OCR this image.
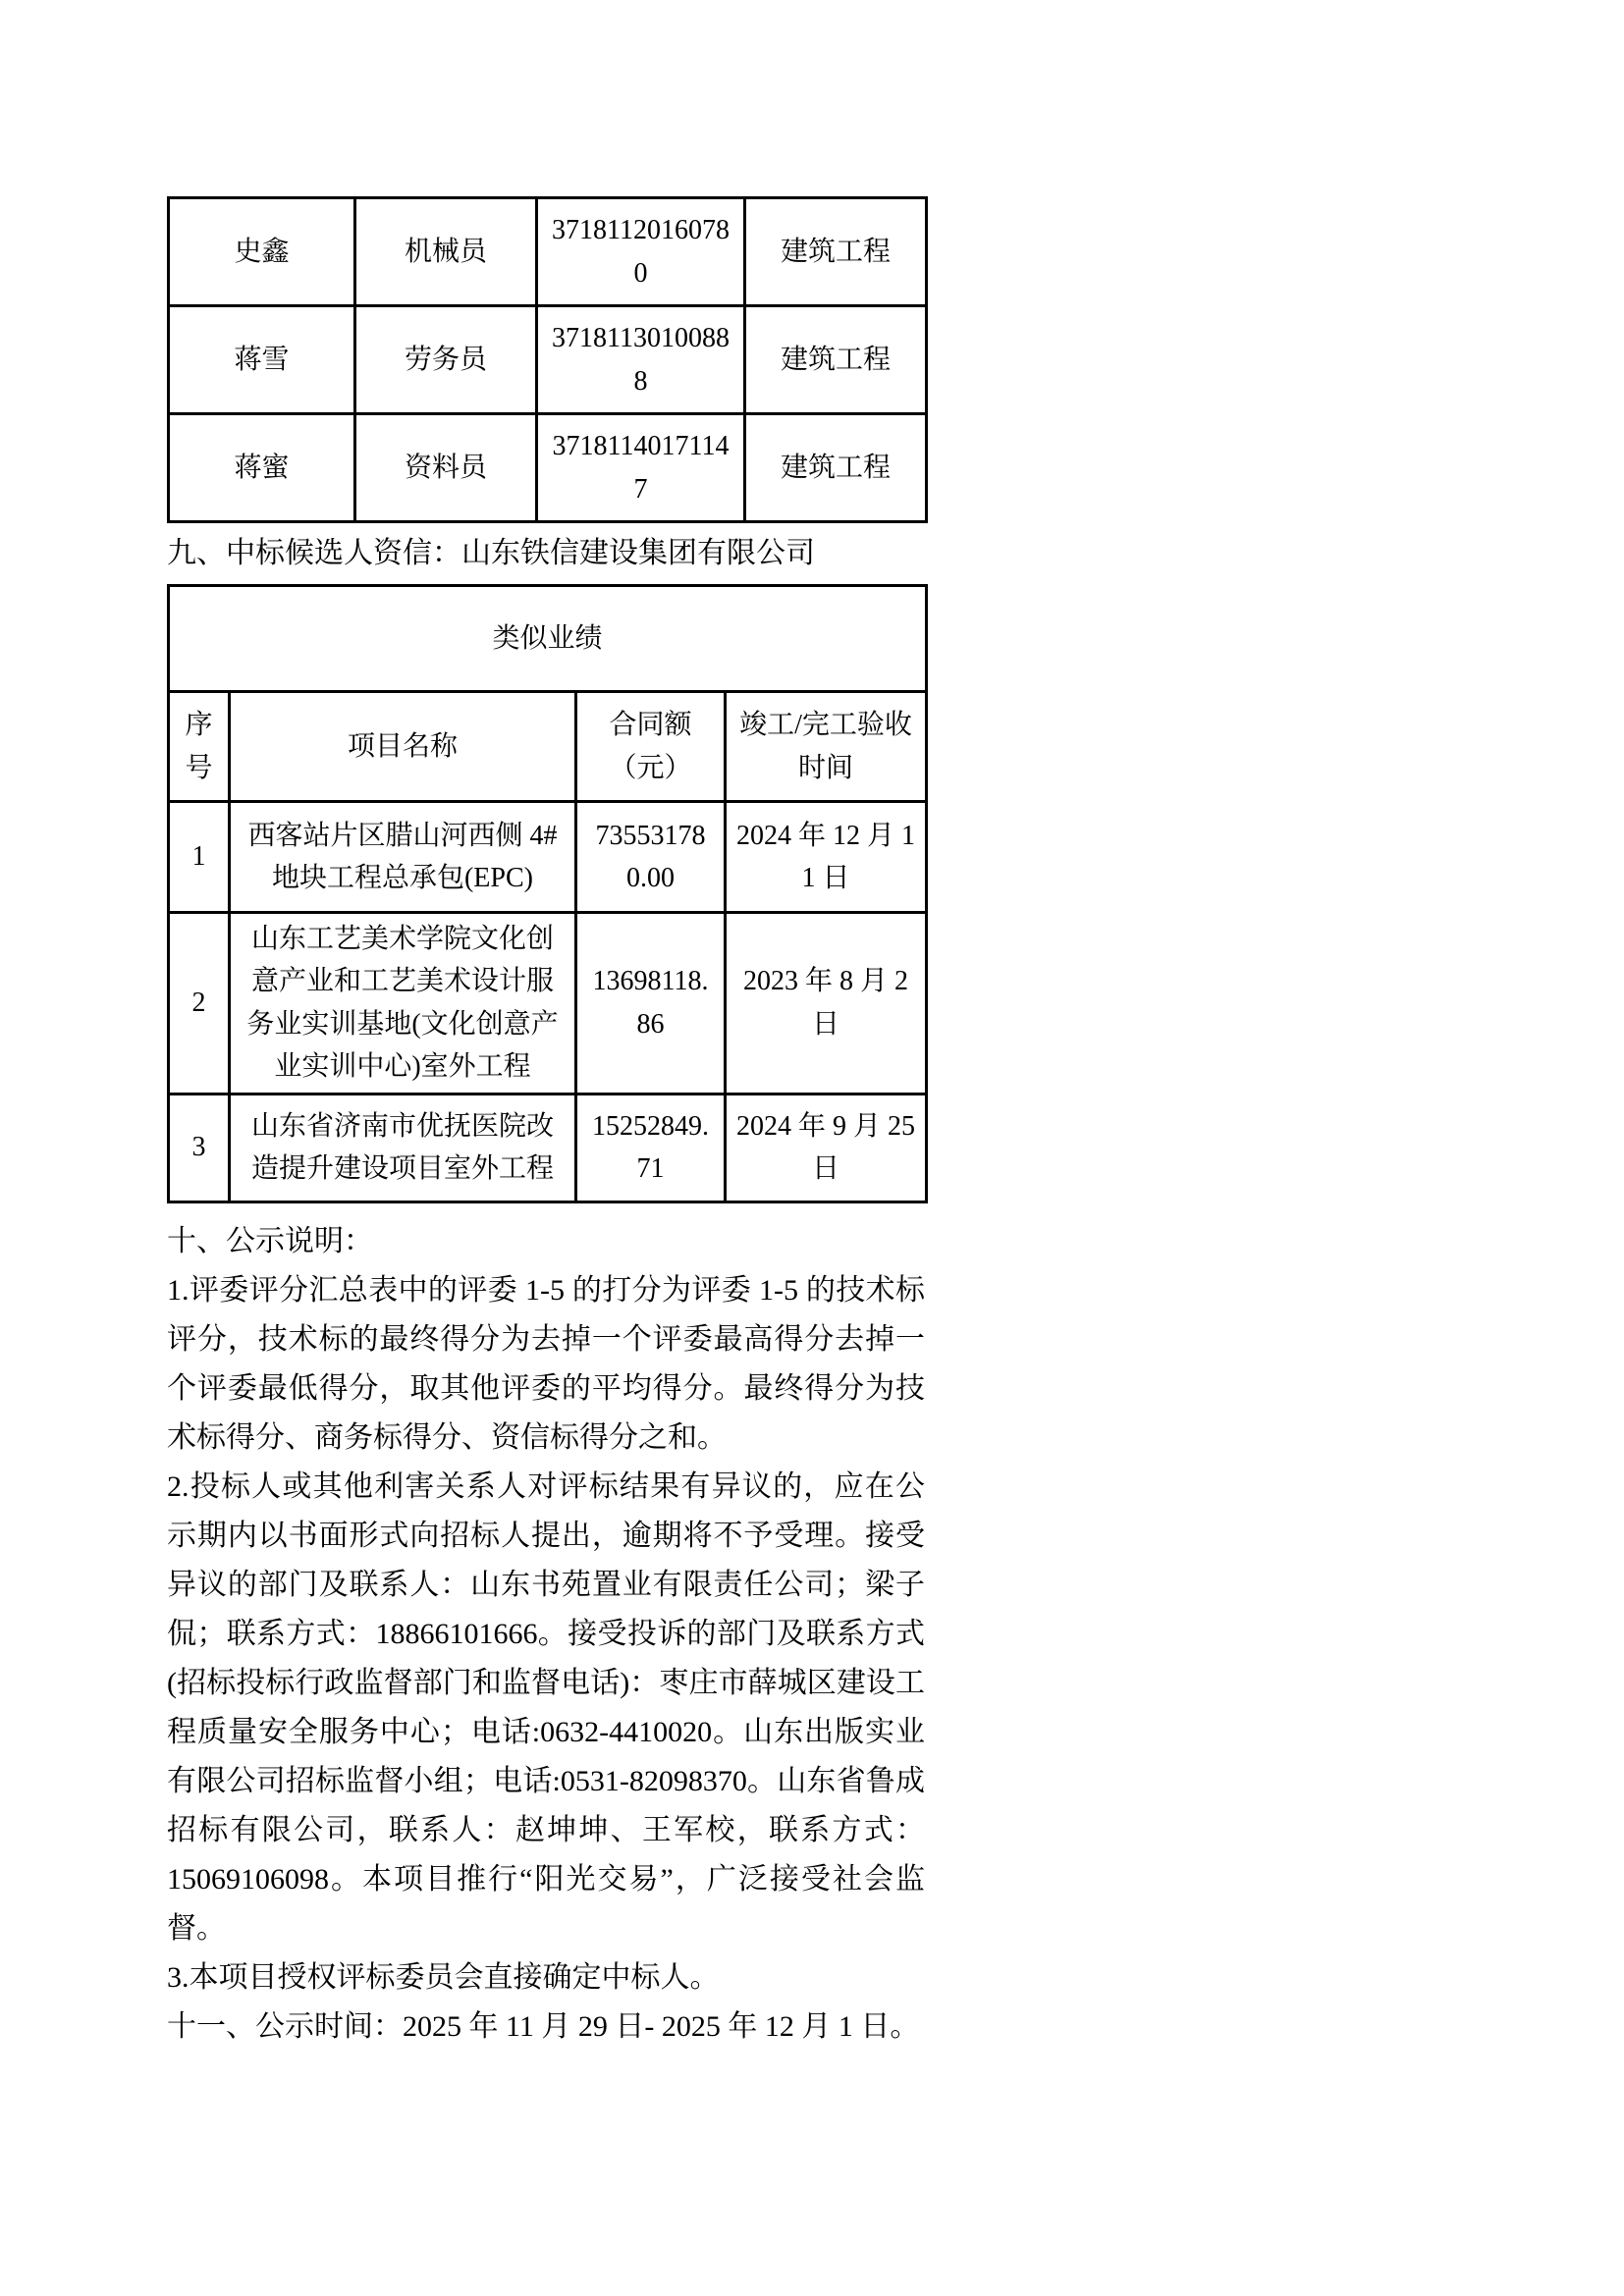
史鑫	机械员	37181120160780	建筑工程
蒋雪	劳务员	37181130100888	建筑工程
蒋蜜	资料员	37181140171147	建筑工程
九、中标候选人资信：山东铁信建设集团有限公司
类似业绩			
序号	项目名称	合同额（元）	竣工/完工验收时间
1	西客站片区腊山河西侧 4#地块工程总承包(EPC)	735531780.00	2024 年 12 月 11 日
2	山东工艺美术学院文化创意产业和工艺美术设计服务业实训基地(文化创意产业实训中心)室外工程	13698118.86	2023 年 8 月 2 日
3	山东省济南市优抚医院改造提升建设项目室外工程	15252849.71	2024 年 9 月 25 日
十、公示说明：

1.评委评分汇总表中的评委 1-5 的打分为评委 1-5 的技术标评分，技术标的最终得分为去掉一个评委最高得分去掉一个评委最低得分，取其他评委的平均得分。最终得分为技术标得分、商务标得分、资信标得分之和。

2.投标人或其他利害关系人对评标结果有异议的，应在公示期内以书面形式向招标人提出，逾期将不予受理。接受异议的部门及联系人：山东书苑置业有限责任公司；梁子侃；联系方式：18866101666。接受投诉的部门及联系方式(招标投标行政监督部门和监督电话)：枣庄市薛城区建设工程质量安全服务中心；电话:0632-4410020。山东出版实业有限公司招标监督小组；电话:0531-82098370。山东省鲁成招标有限公司，联系人：赵坤坤、王军校，联系方式：15069106098。本项目推行“阳光交易”，广泛接受社会监督。

3.本项目授权评标委员会直接确定中标人。

十一、公示时间：2025 年 11 月 29 日- 2025 年 12 月 1 日。
